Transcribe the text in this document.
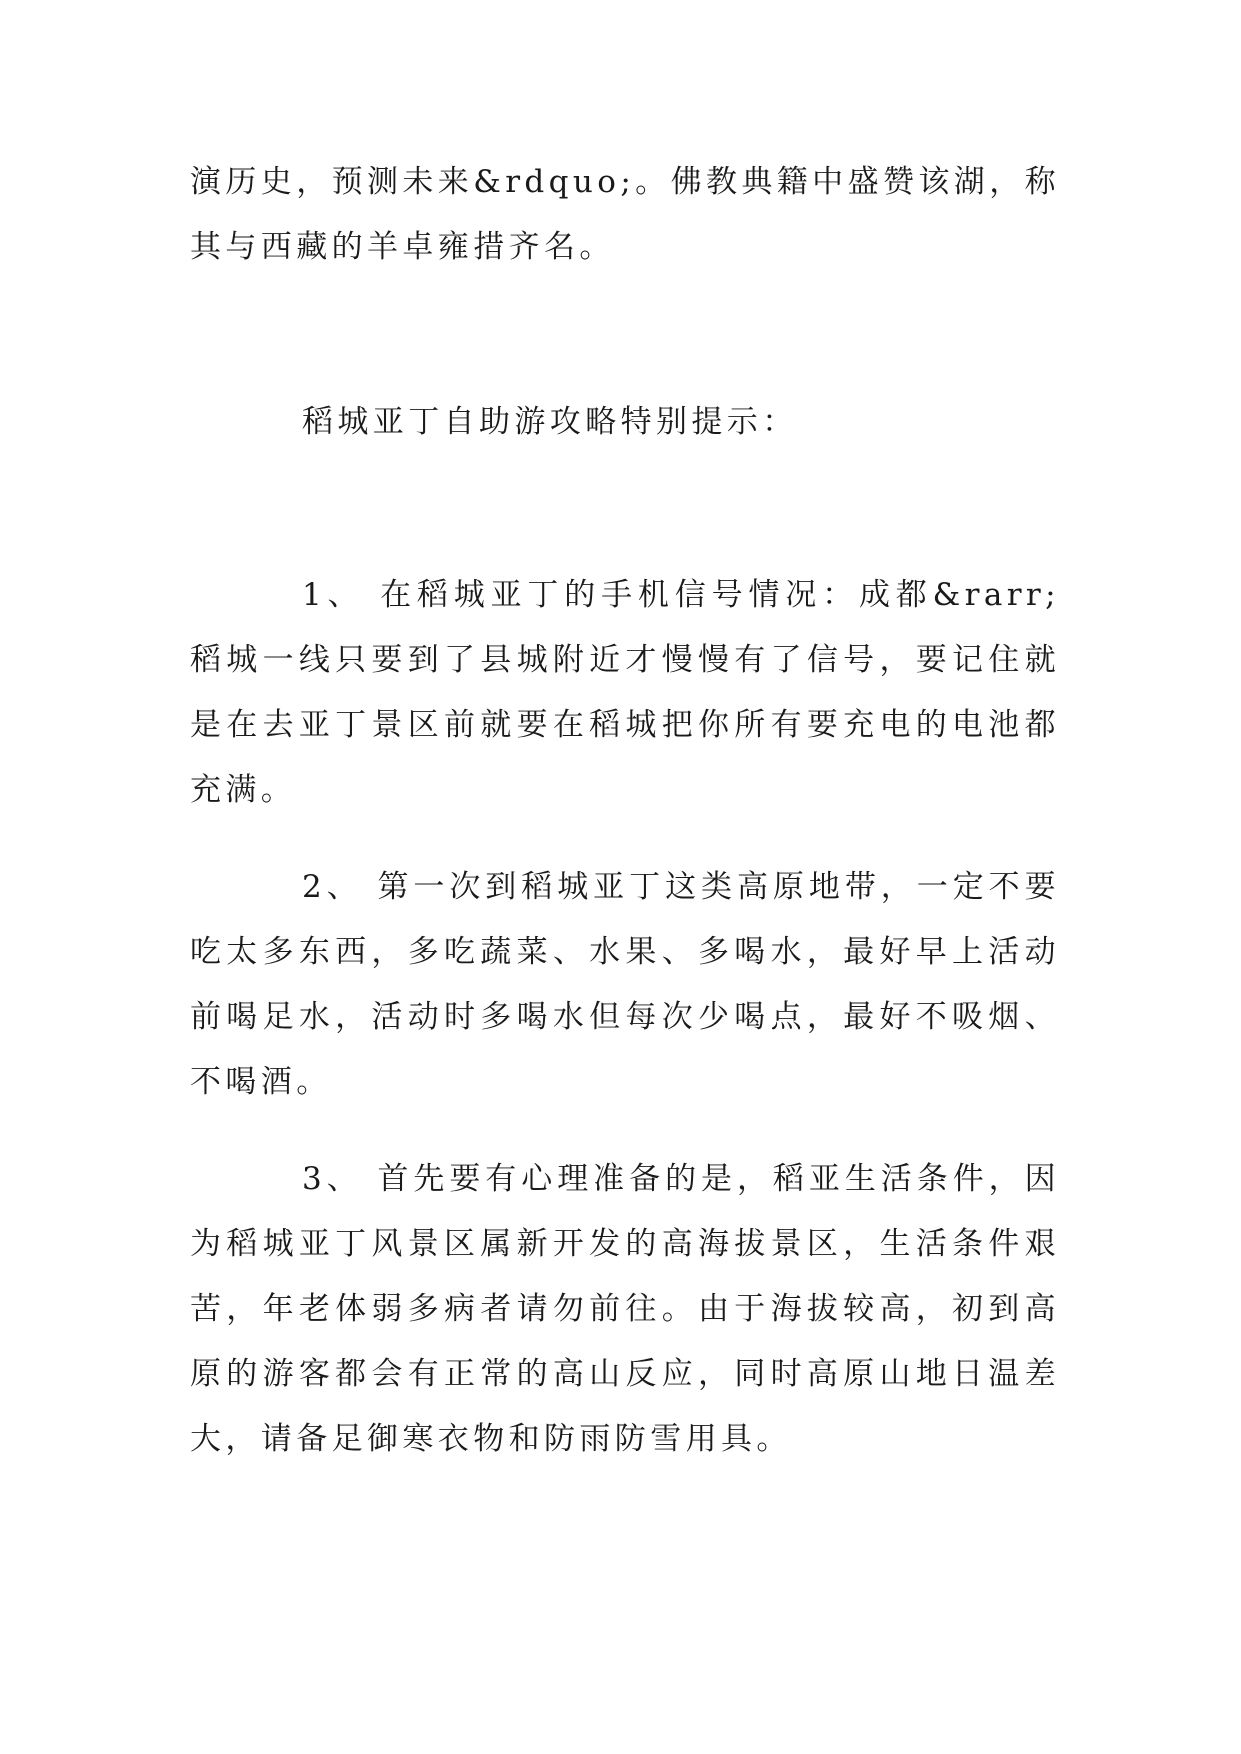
演历史，预测未来&rdquo;。佛教典籍中盛赞该湖，称其与西藏的羊卓雍措齐名。

稻城亚丁自助游攻略特别提示：

1、 在稻城亚丁的手机信号情况：成都&rarr;稻城一线只要到了县城附近才慢慢有了信号，要记住就是在去亚丁景区前就要在稻城把你所有要充电的电池都充满。

2、 第一次到稻城亚丁这类高原地带，一定不要吃太多东西，多吃蔬菜、水果、多喝水，最好早上活动前喝足水，活动时多喝水但每次少喝点，最好不吸烟、不喝酒。

3、 首先要有心理准备的是，稻亚生活条件，因为稻城亚丁风景区属新开发的高海拔景区，生活条件艰苦，年老体弱多病者请勿前往。由于海拔较高，初到高原的游客都会有正常的高山反应，同时高原山地日温差大，请备足御寒衣物和防雨防雪用具。
